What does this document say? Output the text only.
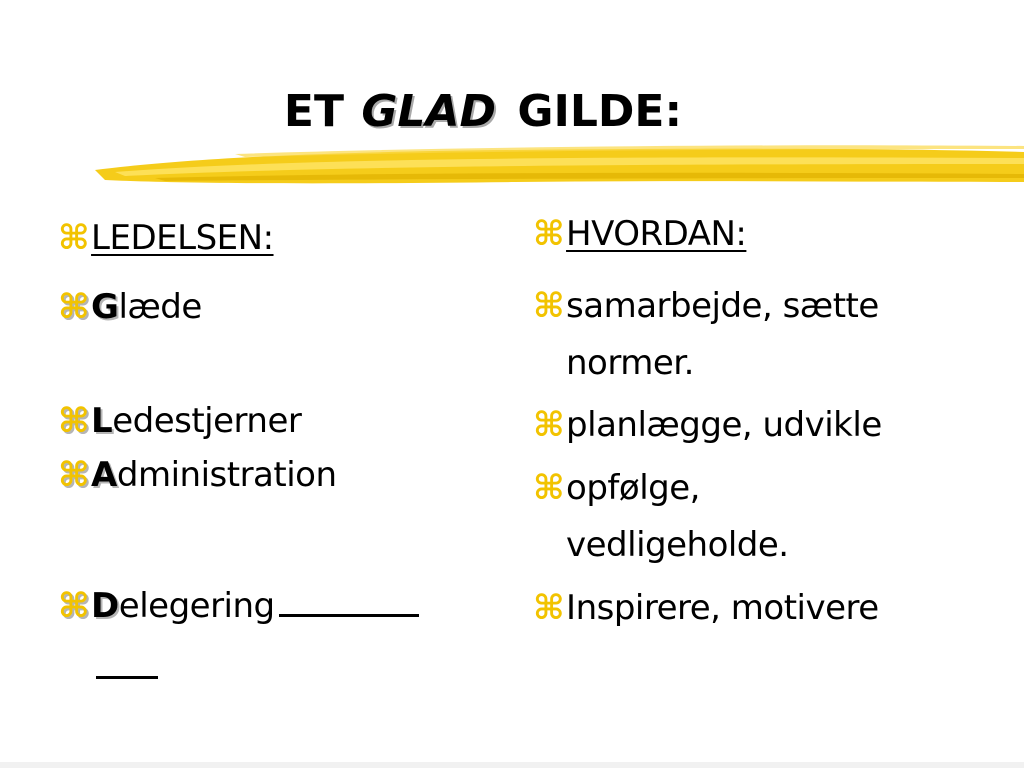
ET GLAD GILDE:
⌘ LEDELSEN:
⌘ G læde
⌘ L edestjerner
⌘ A dministration
⌘ D elegering
⌘ HVORDAN:
⌘ samarbejde, sætte
normer.
⌘ planlægge, udvikle
⌘ opfølge,
vedligeholde.
⌘ Inspirere, motivere
